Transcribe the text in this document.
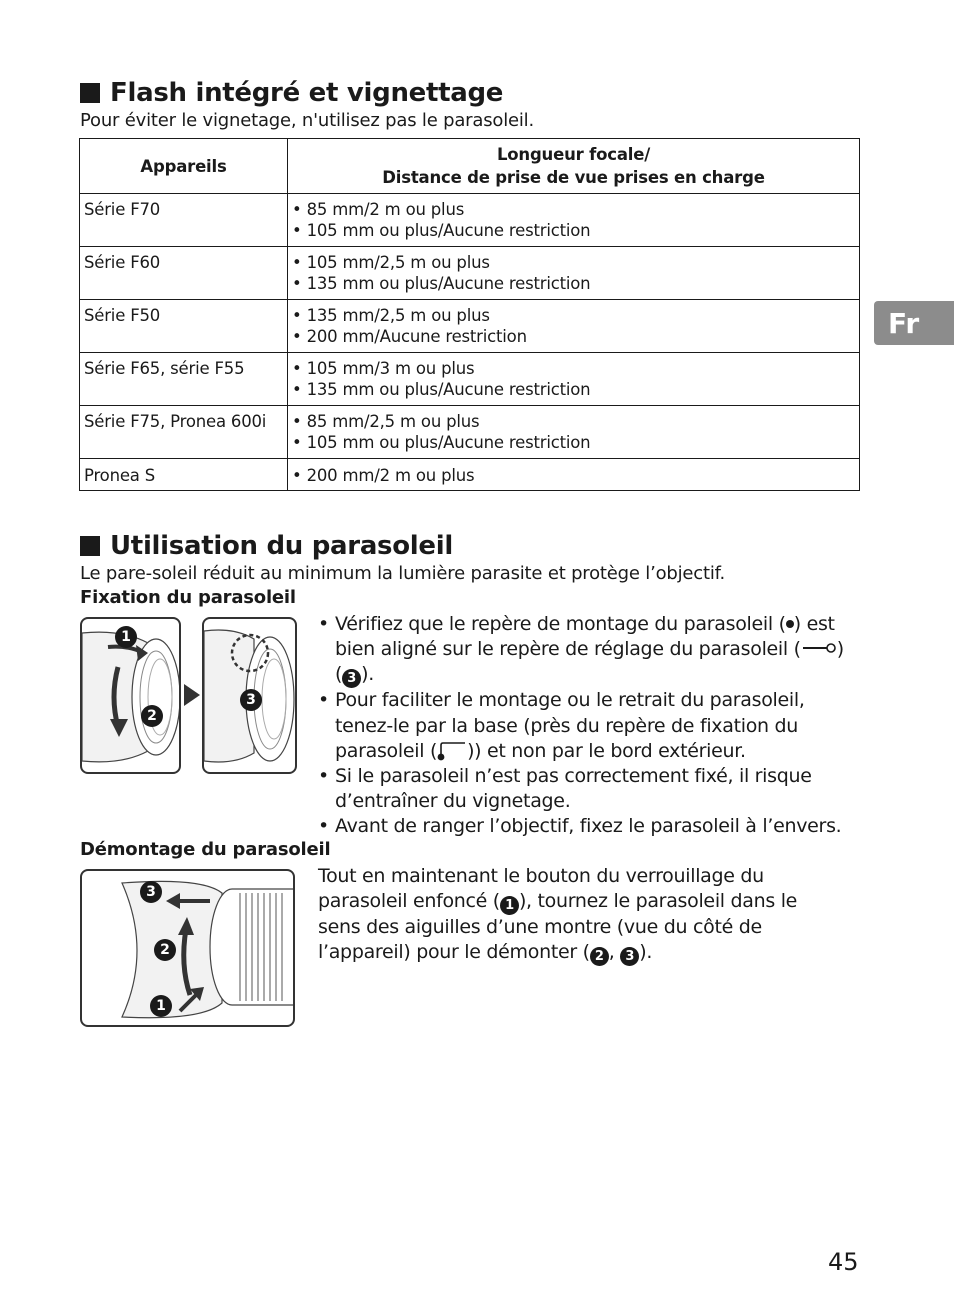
Fr
Flash intégré et vignettage

Pour éviter le vignetage, n'utilisez pas le parasoleil.

Appareils	Longueur focale/
Distance de prise de vue prises en charge
Série F70	• 85 mm/2 m ou plus
• 105 mm ou plus/Aucune restriction
Série F60	• 105 mm/2,5 m ou plus
• 135 mm ou plus/Aucune restriction
Série F50	• 135 mm/2,5 m ou plus
• 200 mm/Aucune restriction
Série F65, série F55	• 105 mm/3 m ou plus
• 135 mm ou plus/Aucune restriction
Série F75, Pronea 600i	• 85 mm/2,5 m ou plus
• 105 mm ou plus/Aucune restriction
Pronea S	• 200 mm/2 m ou plus
Utilisation du parasoleil

Le pare-soleil réduit au minimum la lumière parasite et protège l’objectif.

Fixation du parasoleil

1
2
3
• Vérifiez que le repère de montage du parasoleil ( ) est bien aligné sur le repère de réglage du parasoleil ( )
( 3 ).
• Pour faciliter le montage ou le retrait du parasoleil, tenez-le par la base (près du repère de fixation du parasoleil ( )) et non par le bord extérieur.
• Si le parasoleil n’est pas correctement fixé, il risque d’entraîner du vignetage.
• Avant de ranger l’objectif, fixez le parasoleil à l’envers.

Démontage du parasoleil

3
2
1

Tout en maintenant le bouton du verrouillage du parasoleil enfoncé ( 1 ), tournez le parasoleil dans le sens des aiguilles d’une montre (vue du côté de l’appareil) pour le démonter ( 2 , 3 ).

45
